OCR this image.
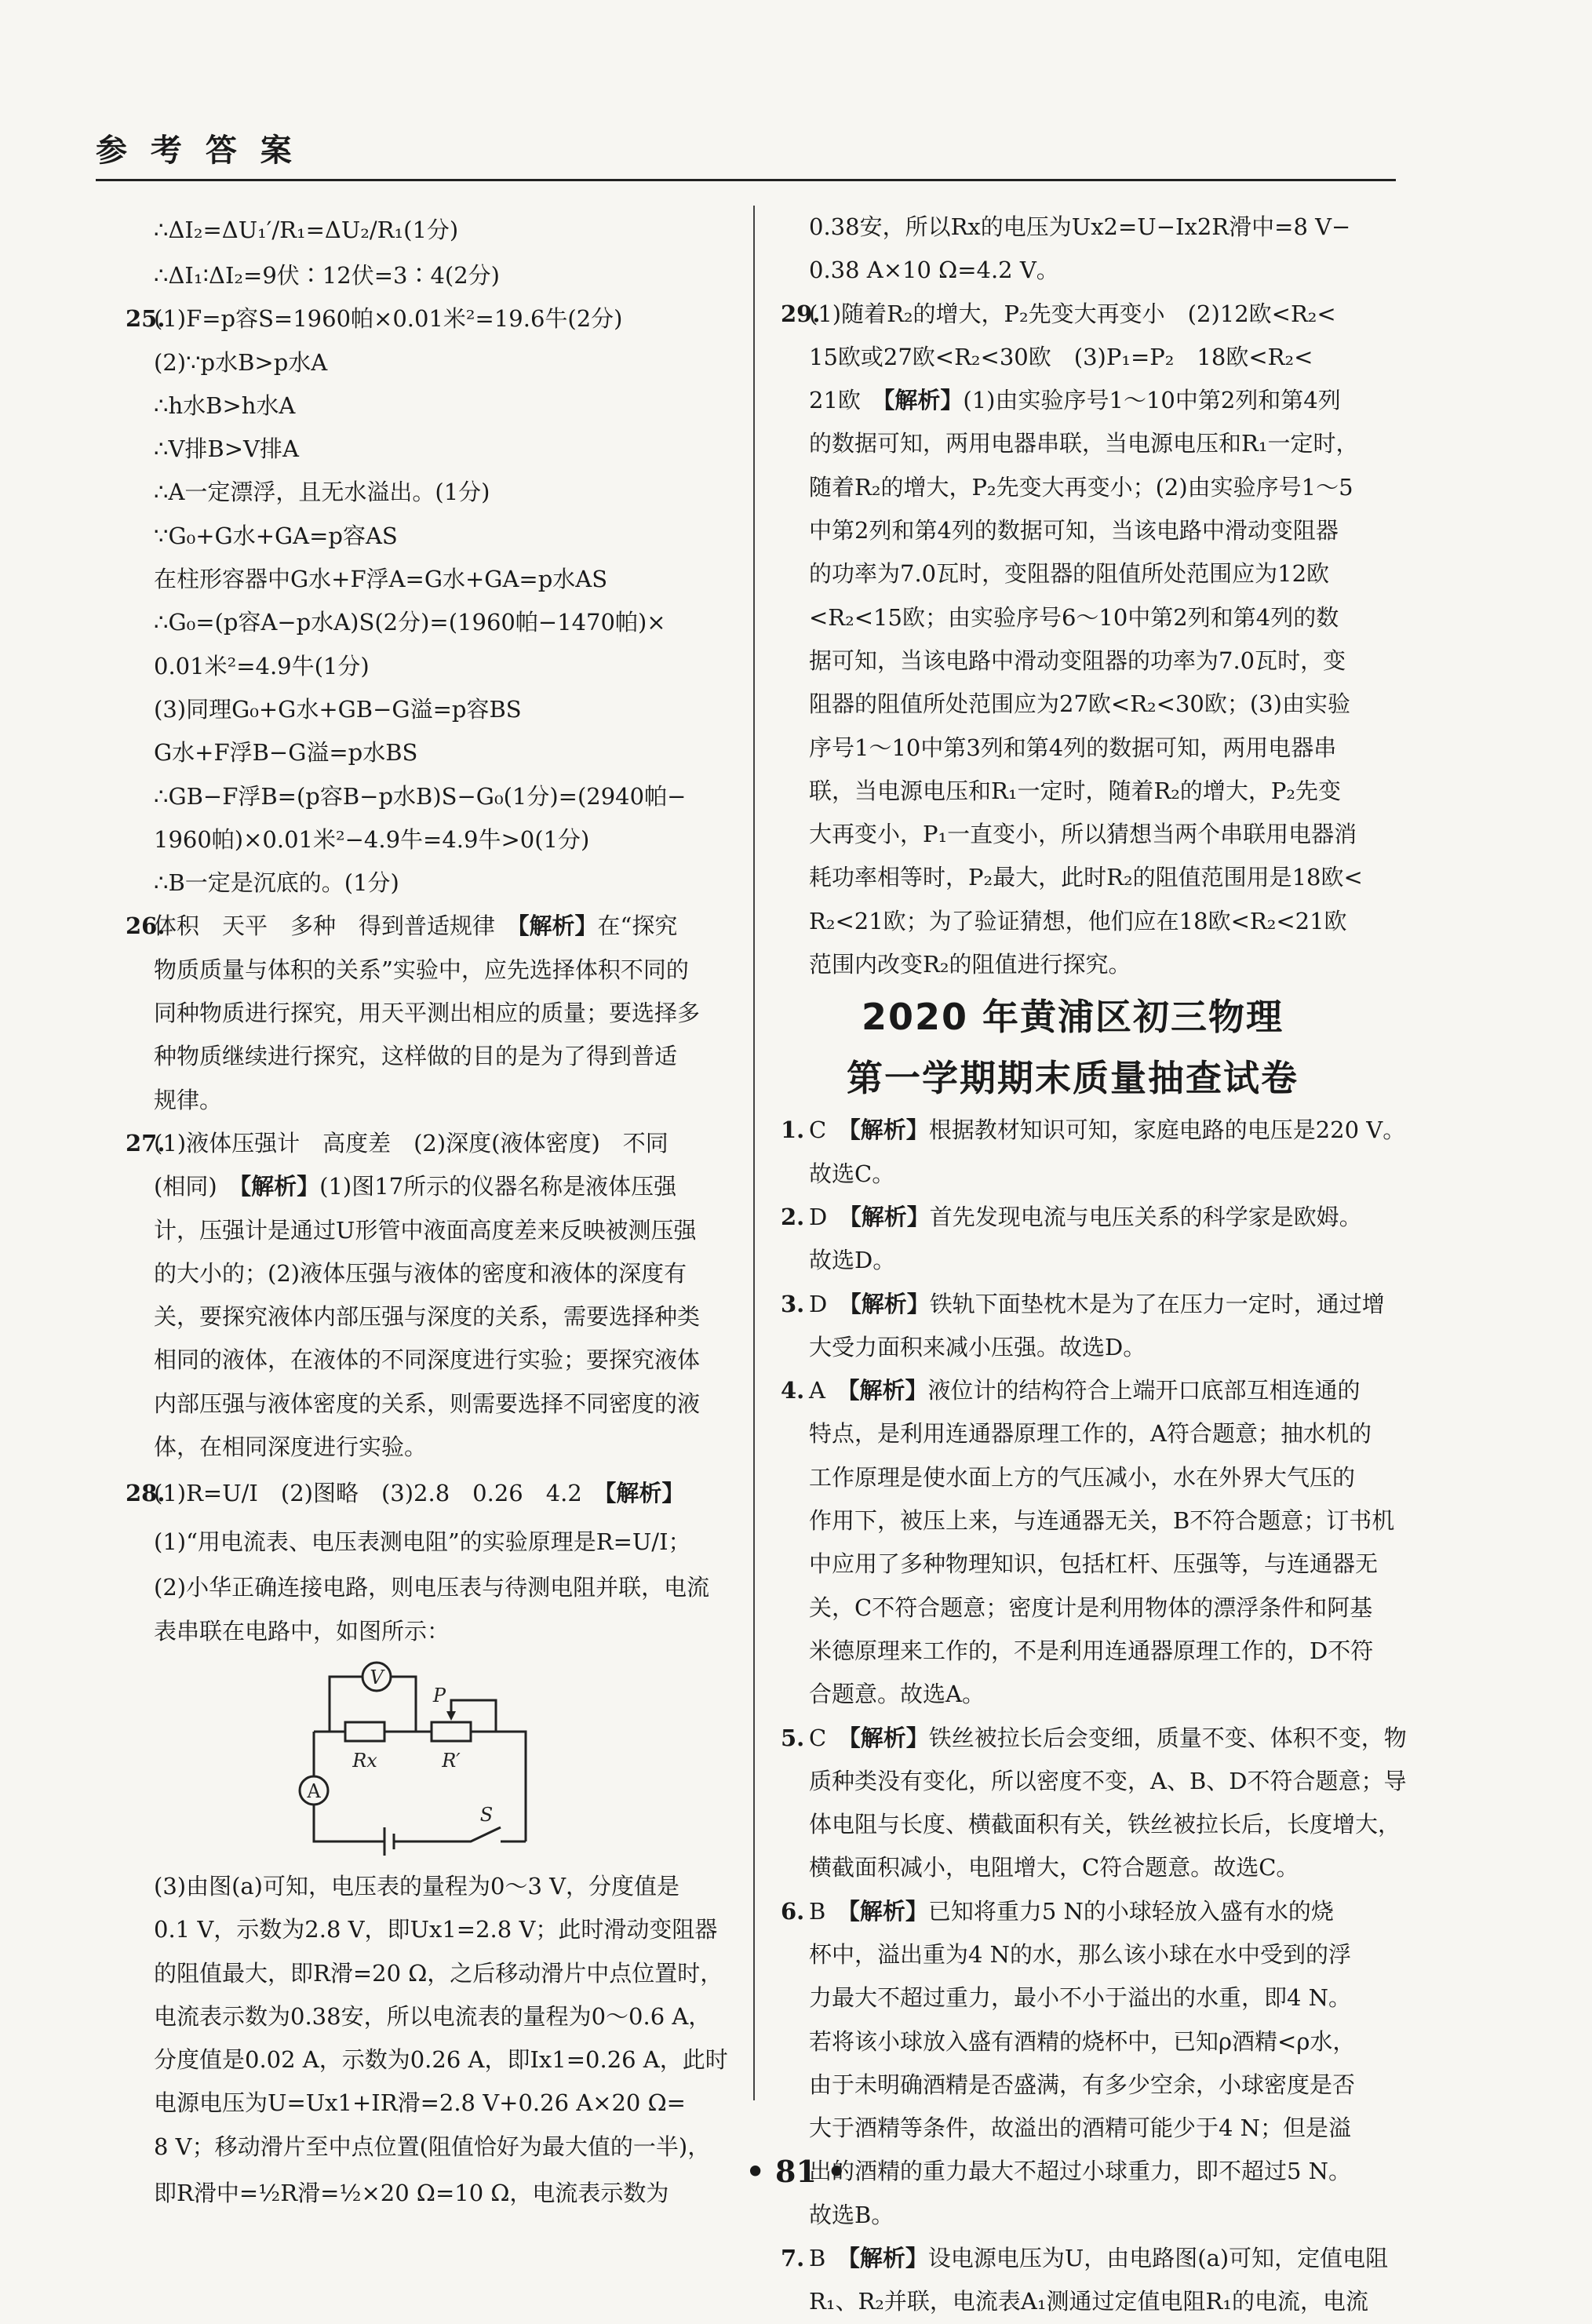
参 考 答 案
∴ΔI₂=ΔU₁′/R₁=ΔU₂/R₁(1分)
∴ΔI₁∶ΔI₂=9伏∶12伏=3∶4(2分)
25.(1)F=p容S=1960帕×0.01米²=19.6牛(2分)
(2)∵p水B>p水A
∴h水B>h水A
∴V排B>V排A
∴A一定漂浮，且无水溢出。(1分)
∵G₀+G水+GA=p容AS
在柱形容器中G水+F浮A=G水+GA=p水AS
∴G₀=(p容A−p水A)S(2分)=(1960帕−1470帕)×
0.01米²=4.9牛(1分)
(3)同理G₀+G水+GB−G溢=p容BS
G水+F浮B−G溢=p水BS
∴GB−F浮B=(p容B−p水B)S−G₀(1分)=(2940帕−
1960帕)×0.01米²−4.9牛=4.9牛>0(1分)
∴B一定是沉底的。(1分)
26.体积　天平　多种　得到普适规律　【解析】在“探究
物质质量与体积的关系”实验中，应先选择体积不同的
同种物质进行探究，用天平测出相应的质量；要选择多
种物质继续进行探究，这样做的目的是为了得到普适
规律。
27.(1)液体压强计　高度差　(2)深度(液体密度)　不同
(相同)　【解析】(1)图17所示的仪器名称是液体压强
计，压强计是通过U形管中液面高度差来反映被测压强
的大小的；(2)液体压强与液体的密度和液体的深度有
关，要探究液体内部压强与深度的关系，需要选择种类
相同的液体，在液体的不同深度进行实验；要探究液体
内部压强与液体密度的关系，则需要选择不同密度的液
体，在相同深度进行实验。
28.(1)R=U/I　(2)图略　(3)2.8　0.26　4.2　【解析】
(1)“用电流表、电压表测电阻”的实验原理是R=U/I；
(2)小华正确连接电路，则电压表与待测电阻并联，电流
表串联在电路中，如图所示：
V
A
Rx	R′
P
S
(3)由图(a)可知，电压表的量程为0～3 V，分度值是
0.1 V，示数为2.8 V，即Ux1=2.8 V；此时滑动变阻器
的阻值最大，即R滑=20 Ω，之后移动滑片中点位置时，
电流表示数为0.38安，所以电流表的量程为0～0.6 A，
分度值是0.02 A，示数为0.26 A，即Ix1=0.26 A，此时
电源电压为U=Ux1+IR滑=2.8 V+0.26 A×20 Ω=
8 V；移动滑片至中点位置(阻值恰好为最大值的一半)，
即R滑中=½R滑=½×20 Ω=10 Ω，电流表示数为
0.38安，所以Rx的电压为Ux2=U−Ix2R滑中=8 V−
0.38 A×10 Ω=4.2 V。
29.(1)随着R₂的增大，P₂先变大再变小　(2)12欧<R₂<
15欧或27欧<R₂<30欧　(3)P₁=P₂　18欧<R₂<
21欧　【解析】(1)由实验序号1～10中第2列和第4列
的数据可知，两用电器串联，当电源电压和R₁一定时，
随着R₂的增大，P₂先变大再变小；(2)由实验序号1～5
中第2列和第4列的数据可知，当该电路中滑动变阻器
的功率为7.0瓦时，变阻器的阻值所处范围应为12欧
<R₂<15欧；由实验序号6～10中第2列和第4列的数
据可知，当该电路中滑动变阻器的功率为7.0瓦时，变
阻器的阻值所处范围应为27欧<R₂<30欧；(3)由实验
序号1～10中第3列和第4列的数据可知，两用电器串
联，当电源电压和R₁一定时，随着R₂的增大，P₂先变
大再变小，P₁一直变小，所以猜想当两个串联用电器消
耗功率相等时，P₂最大，此时R₂的阻值范围用是18欧<
R₂<21欧；为了验证猜想，他们应在18欧<R₂<21欧
范围内改变R₂的阻值进行探究。
2020 年黄浦区初三物理
第一学期期末质量抽查试卷
1. C　【解析】根据教材知识可知，家庭电路的电压是220 V。
故选C。
2. D　【解析】首先发现电流与电压关系的科学家是欧姆。
故选D。
3. D　【解析】铁轨下面垫枕木是为了在压力一定时，通过增
大受力面积来减小压强。故选D。
4. A　【解析】液位计的结构符合上端开口底部互相连通的
特点，是利用连通器原理工作的，A符合题意；抽水机的
工作原理是使水面上方的气压减小，水在外界大气压的
作用下，被压上来，与连通器无关，B不符合题意；订书机
中应用了多种物理知识，包括杠杆、压强等，与连通器无
关，C不符合题意；密度计是利用物体的漂浮条件和阿基
米德原理来工作的，不是利用连通器原理工作的，D不符
合题意。故选A。
5. C　【解析】铁丝被拉长后会变细，质量不变、体积不变，物
质种类没有变化，所以密度不变，A、B、D不符合题意；导
体电阻与长度、横截面积有关，铁丝被拉长后，长度增大，
横截面积减小，电阻增大，C符合题意。故选C。
6. B　【解析】已知将重力5 N的小球轻放入盛有水的烧
杯中，溢出重为4 N的水，那么该小球在水中受到的浮
力最大不超过重力，最小不小于溢出的水重，即4 N。
若将该小球放入盛有酒精的烧杯中，已知ρ酒精<ρ水，
由于未明确酒精是否盛满，有多少空余，小球密度是否
大于酒精等条件，故溢出的酒精可能少于4 N；但是溢
出的酒精的重力最大不超过小球重力，即不超过5 N。
故选B。
7. B　【解析】设电源电压为U，由电路图(a)可知，定值电阻
R₁、R₂并联，电流表A₁测通过定值电阻R₁的电流，电流
• 81 •
